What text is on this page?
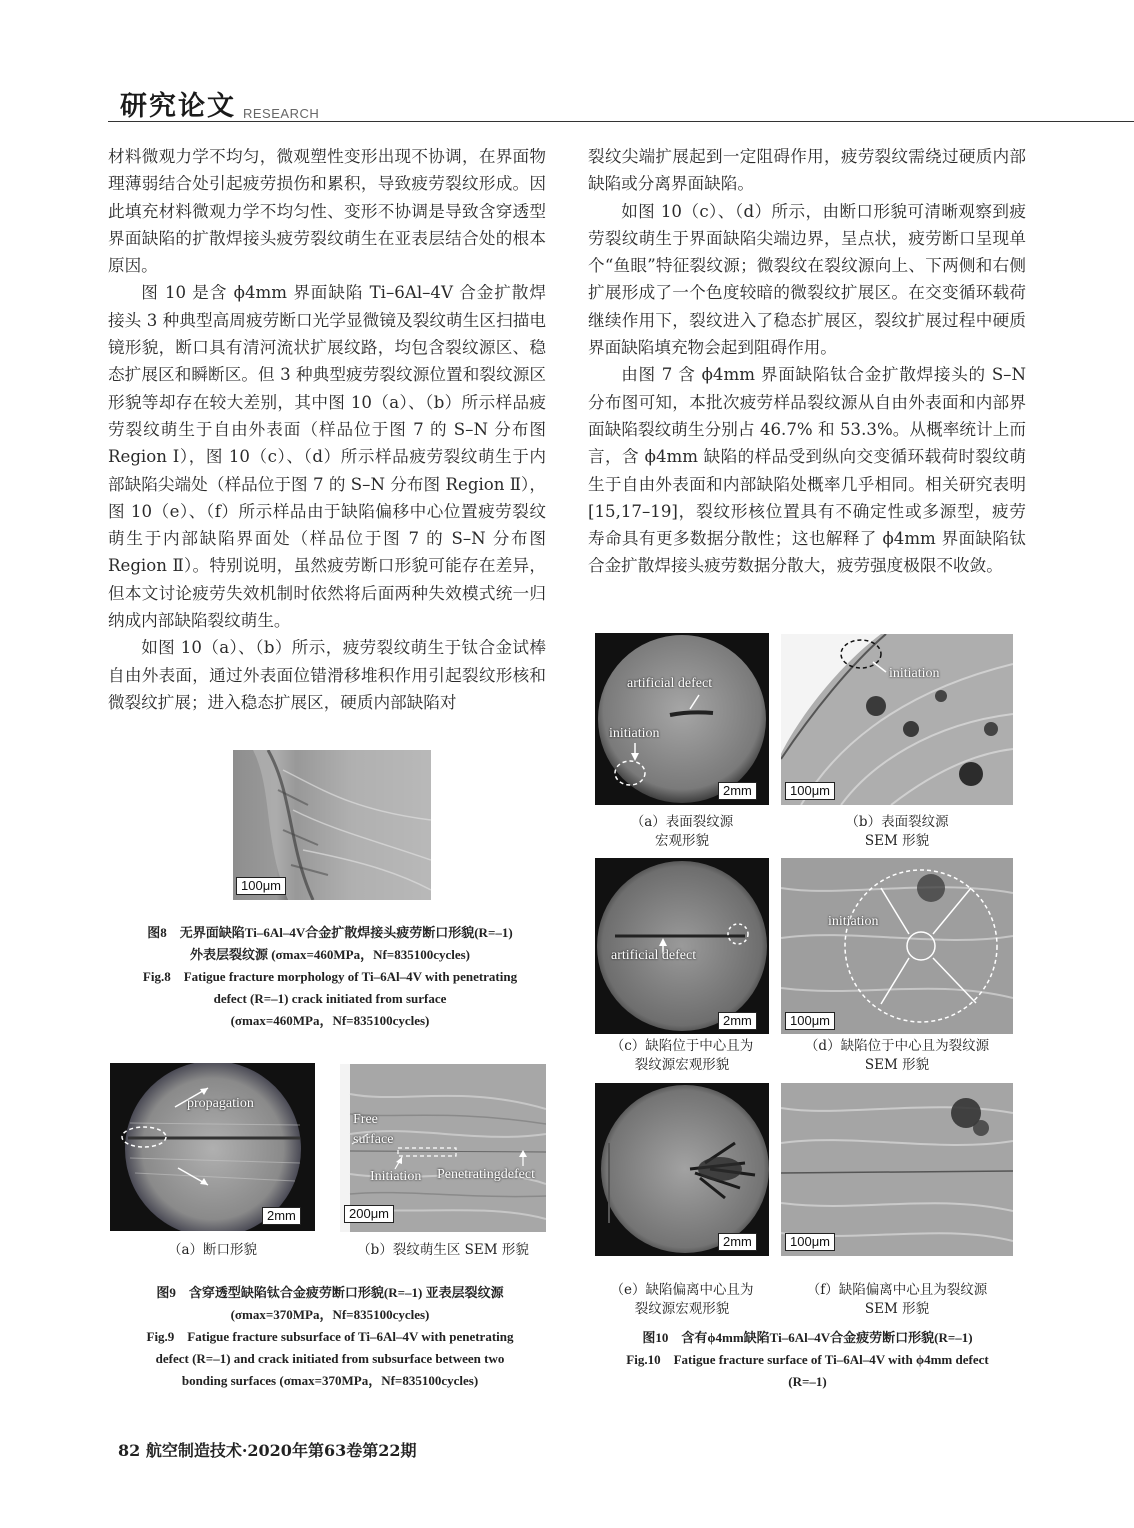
研究论文 RESEARCH

材料微观力学不均匀，微观塑性变形出现不协调，在界面物理薄弱结合处引起疲劳损伤和累积，导致疲劳裂纹形成。因此填充材料微观力学不均匀性、变形不协调是导致含穿透型界面缺陷的扩散焊接头疲劳裂纹萌生在亚表层结合处的根本原因。

图 10 是含 ϕ4mm 界面缺陷 Ti–6Al–4V 合金扩散焊接头 3 种典型高周疲劳断口光学显微镜及裂纹萌生区扫描电镜形貌，断口具有清河流状扩展纹路，均包含裂纹源区、稳态扩展区和瞬断区。但 3 种典型疲劳裂纹源位置和裂纹源区形貌等却存在较大差别，其中图 10（a）、（b）所示样品疲劳裂纹萌生于自由外表面（样品位于图 7 的 S–N 分布图 Region Ⅰ），图 10（c）、（d）所示样品疲劳裂纹萌生于内部缺陷尖端处（样品位于图 7 的 S–N 分布图 Region Ⅱ），图 10（e）、（f）所示样品由于缺陷偏移中心位置疲劳裂纹萌生于内部缺陷界面处（样品位于图 7 的 S–N 分布图 Region Ⅱ）。特别说明，虽然疲劳断口形貌可能存在差异，但本文讨论疲劳失效机制时依然将后面两种失效模式统一归纳成内部缺陷裂纹萌生。

如图 10（a）、（b）所示，疲劳裂纹萌生于钛合金试棒自由外表面，通过外表面位错滑移堆积作用引起裂纹形核和微裂纹扩展；进入稳态扩展区，硬质内部缺陷对

裂纹尖端扩展起到一定阻碍作用，疲劳裂纹需绕过硬质内部缺陷或分离界面缺陷。

如图 10（c）、（d）所示，由断口形貌可清晰观察到疲劳裂纹萌生于界面缺陷尖端边界，呈点状，疲劳断口呈现单个“鱼眼”特征裂纹源；微裂纹在裂纹源向上、下两侧和右侧扩展形成了一个色度较暗的微裂纹扩展区。在交变循环载荷继续作用下，裂纹进入了稳态扩展区，裂纹扩展过程中硬质界面缺陷填充物会起到阻碍作用。

由图 7 含 ϕ4mm 界面缺陷钛合金扩散焊接头的 S–N 分布图可知，本批次疲劳样品裂纹源从自由外表面和内部界面缺陷裂纹萌生分别占 46.7% 和 53.3%。从概率统计上而言，含 ϕ4mm 缺陷的样品受到纵向交变循环载荷时裂纹萌生于自由外表面和内部缺陷处概率几乎相同。相关研究表明 [15,17–19]，裂纹形核位置具有不确定性或多源型，疲劳寿命具有更多数据分散性；这也解释了 ϕ4mm 界面缺陷钛合金扩散焊接头疲劳数据分散大，疲劳强度极限不收敛。

100μm
图8　无界面缺陷Ti–6Al–4V合金扩散焊接头疲劳断口形貌(R=–1)
外表层裂纹源 (σmax=460MPa，Nf=835100cycles)
Fig.8　Fatigue fracture morphology of Ti–6Al–4V with penetrating
defect (R=–1) crack initiated from surface
(σmax=460MPa，Nf=835100cycles)
propagation
2mm
Free
surface
Initiation Penetratingdefect
200μm
（a）断口形貌	（b）裂纹萌生区 SEM 形貌
图9　含穿透型缺陷钛合金疲劳断口形貌(R=–1) 亚表层裂纹源
(σmax=370MPa，Nf=835100cycles)
Fig.9　Fatigue fracture subsurface of Ti–6Al–4V with penetrating
defect (R=–1) and crack initiated from subsurface between two
bonding surfaces (σmax=370MPa，Nf=835100cycles)
artificial defect
initiation
2mm
initiation
100μm
（a）表面裂纹源
宏观形貌
（b）表面裂纹源
SEM 形貌
artificial defect
2mm
initiation
100μm
（c）缺陷位于中心且为
裂纹源宏观形貌
（d）缺陷位于中心且为裂纹源
SEM 形貌
2mm	100μm
（e）缺陷偏离中心且为
裂纹源宏观形貌
（f）缺陷偏离中心且为裂纹源
SEM 形貌
图10　含有ϕ4mm缺陷Ti–6Al–4V合金疲劳断口形貌(R=–1)
Fig.10　Fatigue fracture surface of Ti–6Al–4V with ϕ4mm defect
(R=–1)
82 航空制造技术·2020年第63卷第22期
